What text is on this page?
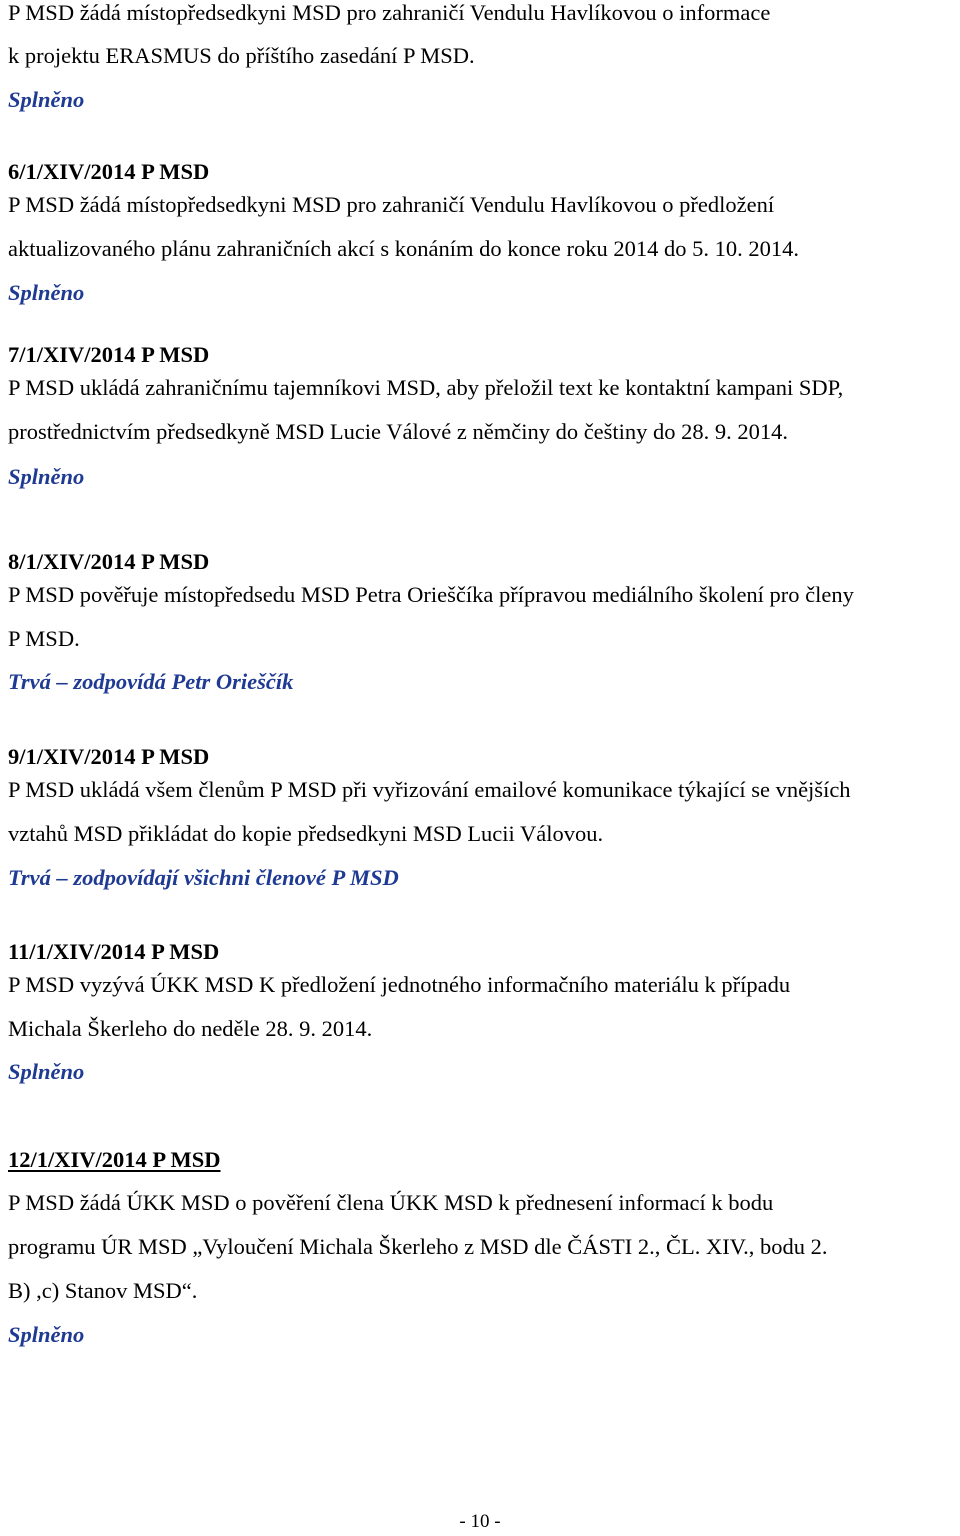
P MSD žádá místopředsedkyni MSD pro zahraničí Vendulu Havlíkovou o informace

k projektu ERASMUS do příštího zasedání P MSD.

Splněno

6/1/XIV/2014 P MSD

P MSD žádá místopředsedkyni MSD pro zahraničí Vendulu Havlíkovou o předložení

aktualizovaného plánu zahraničních akcí s konáním do konce roku 2014 do 5. 10. 2014.

Splněno

7/1/XIV/2014 P MSD

P MSD ukládá zahraničnímu tajemníkovi MSD, aby přeložil text ke kontaktní kampani SDP,

prostřednictvím předsedkyně MSD Lucie Válové z němčiny do češtiny do 28. 9. 2014.

Splněno

8/1/XIV/2014 P MSD

P MSD pověřuje místopředsedu MSD Petra Orieščíka přípravou mediálního školení pro členy

P MSD.

Trvá – zodpovídá Petr Orieščík

9/1/XIV/2014 P MSD

P MSD ukládá všem členům P MSD při vyřizování emailové komunikace týkající se vnějších

vztahů MSD přikládat do kopie předsedkyni MSD Lucii Válovou.

Trvá – zodpovídají všichni členové P MSD

11/1/XIV/2014 P MSD

P MSD vyzývá ÚKK MSD K předložení jednotného informačního materiálu k případu

Michala Škerleho do neděle 28. 9. 2014.

Splněno

12/1/XIV/2014 P MSD

P MSD žádá ÚKK MSD o pověření člena ÚKK MSD k přednesení informací k bodu

programu ÚR MSD „Vyloučení Michala Škerleho z MSD dle ČÁSTI 2., ČL. XIV., bodu 2.

B) ,c) Stanov MSD“.

Splněno

- 10 -
